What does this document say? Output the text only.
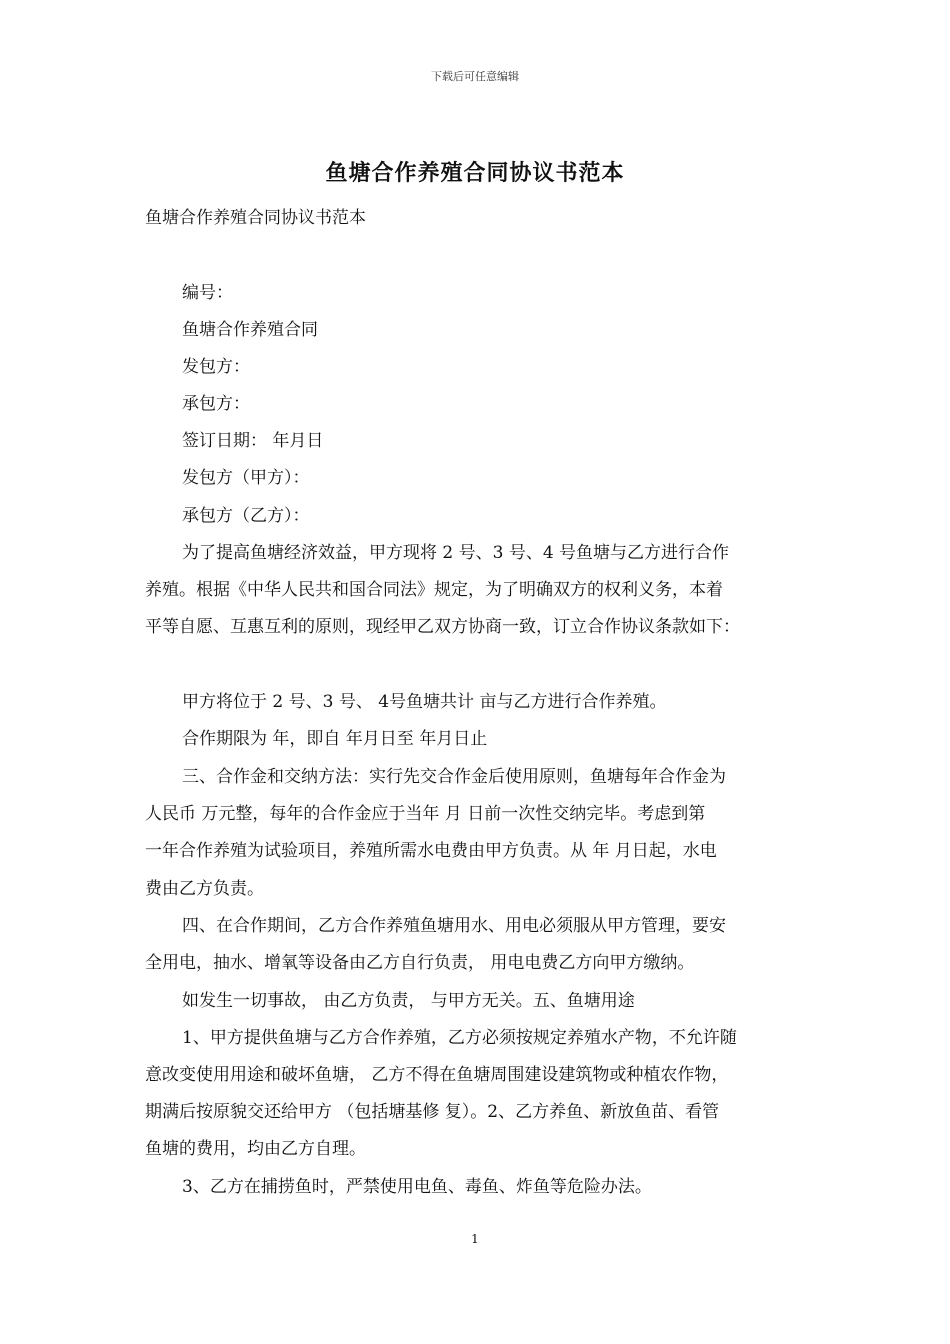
下载后可任意编辑
鱼塘合作养殖合同协议书范本
鱼塘合作养殖合同协议书范本
编号：
鱼塘合作养殖合同
发包方：
承包方：
签订日期： 年月日
发包方（甲方）：
承包方（乙方）：
为了提高鱼塘经济效益，甲方现将 2 号、3 号、4 号鱼塘与乙方进行合作
养殖。根据《中华人民共和国合同法》规定，为了明确双方的权利义务，本着
平等自愿、互惠互利的原则，现经甲乙双方协商一致，订立合作协议条款如下：
甲方将位于 2 号、3 号、 4号鱼塘共计 亩与乙方进行合作养殖。
合作期限为 年，即自 年月日至 年月日止
三、合作金和交纳方法：实行先交合作金后使用原则，鱼塘每年合作金为
人民币 万元整，每年的合作金应于当年 月 日前一次性交纳完毕。考虑到第
一年合作养殖为试验项目，养殖所需水电费由甲方负责。从 年 月日起，水电
费由乙方负责。
四、在合作期间，乙方合作养殖鱼塘用水、用电必须服从甲方管理，要安
全用电，抽水、增氧等设备由乙方自行负责， 用电电费乙方向甲方缴纳。
如发生一切事故， 由乙方负责， 与甲方无关。五、鱼塘用途
1、甲方提供鱼塘与乙方合作养殖，乙方必须按规定养殖水产物，不允许随
意改变使用用途和破坏鱼塘， 乙方不得在鱼塘周围建设建筑物或种植农作物，
期满后按原貌交还给甲方 （包括塘基修 复）。2、乙方养鱼、新放鱼苗、看管
鱼塘的费用，均由乙方自理。
3、乙方在捕捞鱼时，严禁使用电鱼、毒鱼、炸鱼等危险办法。
1
